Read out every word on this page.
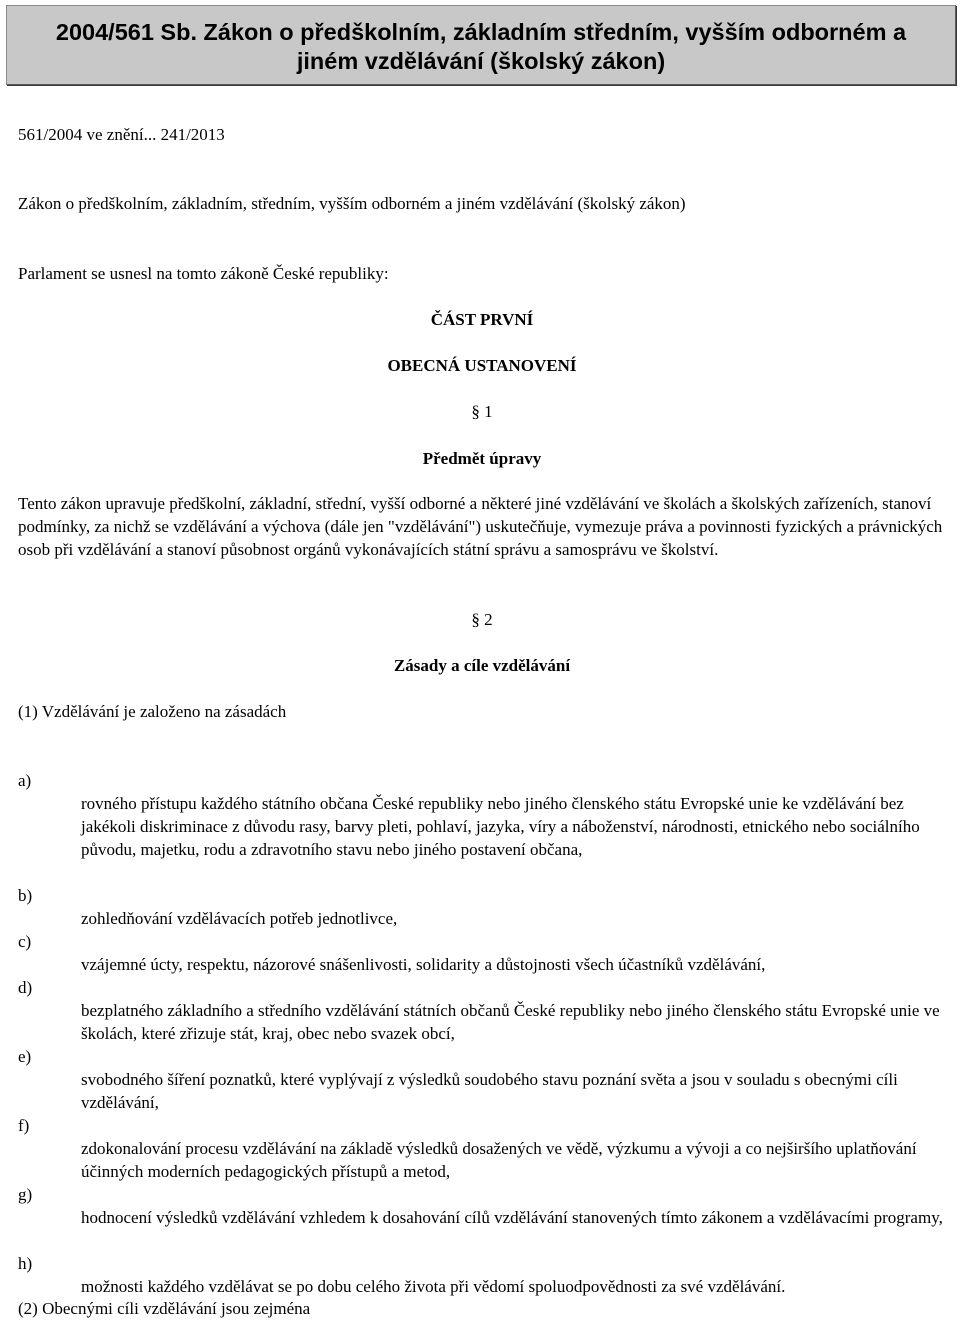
2004/561 Sb. Zákon o předškolním, základním středním, vyšším odborném a
jiném vzdělávání (školský zákon)
561/2004 ve znění... 241/2013
Zákon o předškolním, základním, středním, vyšším odborném a jiném vzdělávání (školský zákon)
Parlament se usnesl na tomto zákoně České republiky:
ČÁST PRVNÍ
OBECNÁ USTANOVENÍ
§ 1
Předmět úpravy
Tento zákon upravuje předškolní, základní, střední, vyšší odborné a některé jiné vzdělávání ve školách a školských zařízeních, stanoví podmínky, za nichž se vzdělávání a výchova (dále jen "vzdělávání") uskutečňuje, vymezuje práva a povinnosti fyzických a právnických osob při vzdělávání a stanoví působnost orgánů vykonávajících státní správu a samosprávu ve školství.
§ 2
Zásady a cíle vzdělávání
(1) Vzdělávání je založeno na zásadách
a)
rovného přístupu každého státního občana České republiky nebo jiného členského státu Evropské unie ke vzdělávání bez jakékoli diskriminace z důvodu rasy, barvy pleti, pohlaví, jazyka, víry a náboženství, národnosti, etnického nebo sociálního původu, majetku, rodu a zdravotního stavu nebo jiného postavení občana,
b)
zohledňování vzdělávacích potřeb jednotlivce,
c)
vzájemné úcty, respektu, názorové snášenlivosti, solidarity a důstojnosti všech účastníků vzdělávání,
d)
bezplatného základního a středního vzdělávání státních občanů České republiky nebo jiného členského státu Evropské unie ve školách, které zřizuje stát, kraj, obec nebo svazek obcí,
e)
svobodného šíření poznatků, které vyplývají z výsledků soudobého stavu poznání světa a jsou v souladu s obecnými cíli vzdělávání,
f)
zdokonalování procesu vzdělávání na základě výsledků dosažených ve vědě, výzkumu a vývoji a co nejširšího uplatňování účinných moderních pedagogických přístupů a metod,
g)
hodnocení výsledků vzdělávání vzhledem k dosahování cílů vzdělávání stanovených tímto zákonem a vzdělávacími programy,
h)
možnosti každého vzdělávat se po dobu celého života při vědomí spoluodpovědnosti za své vzdělávání.
(2) Obecnými cíli vzdělávání jsou zejména
